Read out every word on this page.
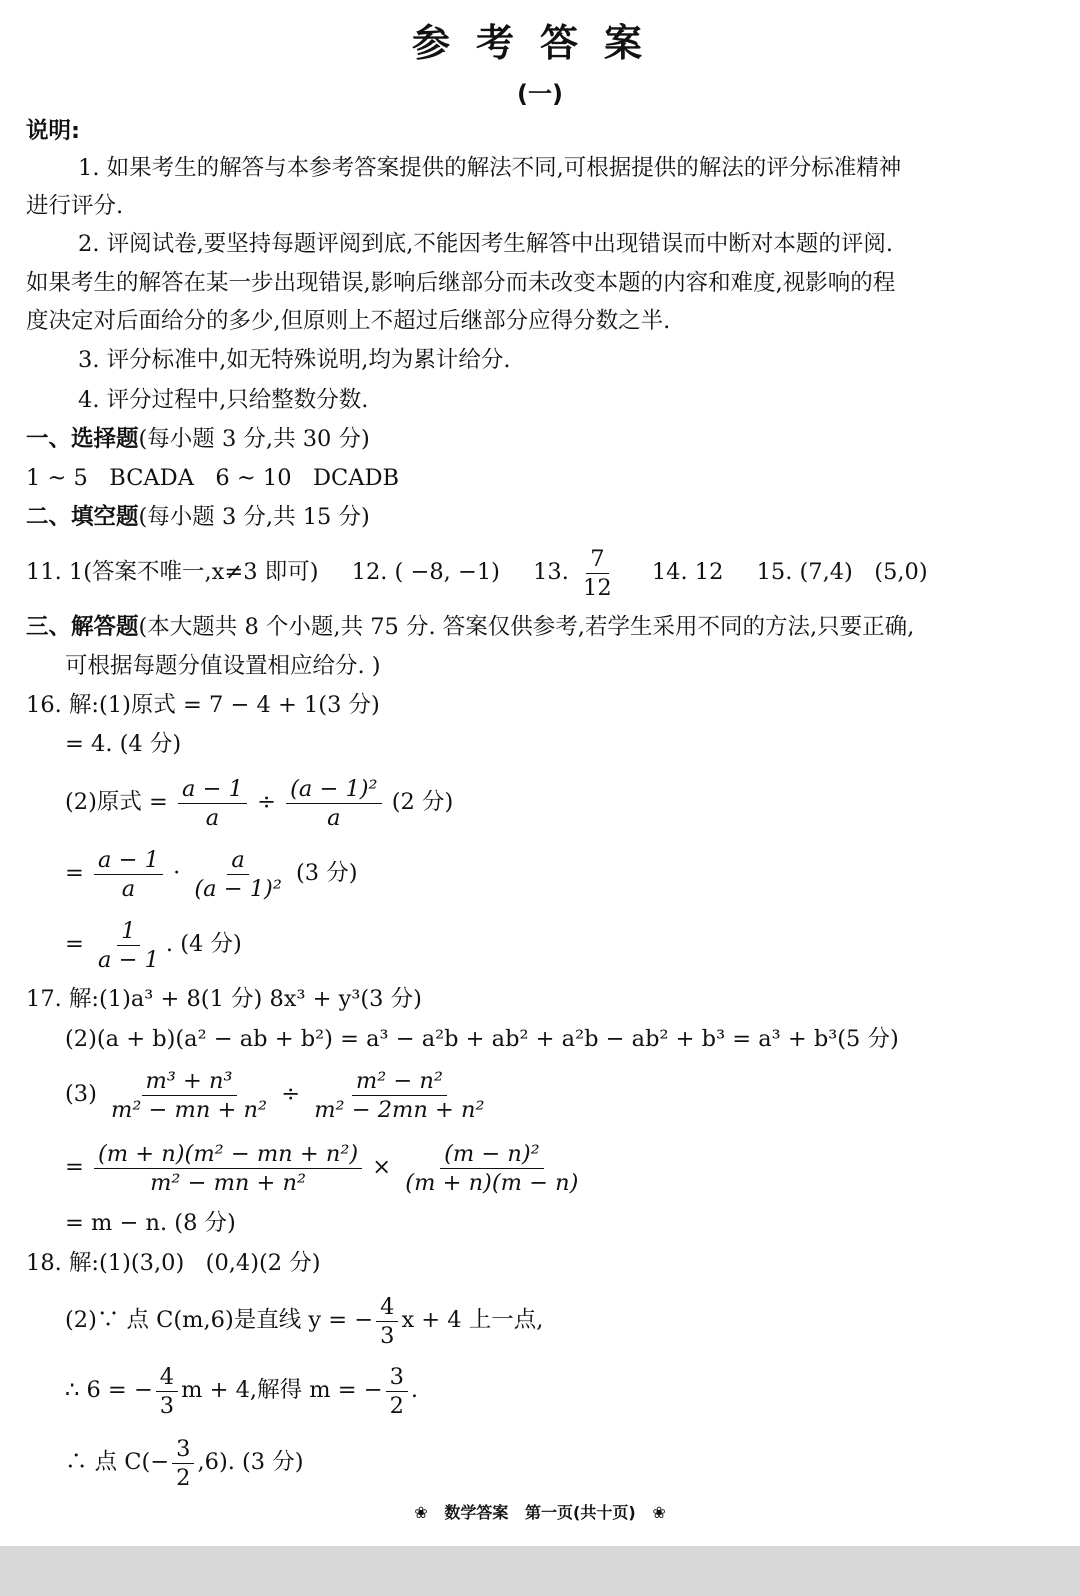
参考答案
(一)
说明:
1. 如果考生的解答与本参考答案提供的解法不同,可根据提供的解法的评分标准精神
进行评分.
2. 评阅试卷,要坚持每题评阅到底,不能因考生解答中出现错误而中断对本题的评阅.
如果考生的解答在某一步出现错误,影响后继部分而未改变本题的内容和难度,视影响的程
度决定对后面给分的多少,但原则上不超过后继部分应得分数之半.
3. 评分标准中,如无特殊说明,均为累计给分.
4. 评分过程中,只给整数分数.
一、选择题(每小题 3 分,共 30 分)
1 ~ 5   BCADA   6 ~ 10   DCADB
二、填空题(每小题 3 分,共 15 分)
11. 1(答案不唯一,x≠3 即可) 12. ( −8, −1) 13. $\frac{7}{12} 14$. 12 15. (7,4)   (5,0)
三、解答题(本大题共 8 个小题,共 75 分. 答案仅供参考,若学生采用不同的方法,只要正确,
可根据每题分值设置相应给分. )
16. 解:(1)原式 = 7 − 4 + 1(3 分)
= 4. (4 分)
(2)原式 = $\frac{a - 1}{a} \div \frac{\text{(a − 1)²}}{a} (2$ 分)
= $\frac{a - 1}{a} \cdot \frac{a}{\text{(a − 1)²}} (3$ 分)
= $\frac{1}{a - 1}$ . (4 分)
17. 解:(1)a³ + 8(1 分) 8x³ + y³(3 分)
(2)(a + b)(a² − ab + b²) = a³ − a²b + ab² + a²b − ab² + b³ = a³ + b³(5 分)
$(3) \frac{\text{m³ + n³}}{\text{m² − mn + n²}} \div \frac{\text{m² − n²}}{\text{m² − 2mn + n²}}$
= $\frac{\text{(m + n)(m² − mn + n²)}}{\text{m² − mn + n²}} \times \frac{\text{(m − n)²}}{(m + n)(m - n)}$
= m − n. (8 分)
18. 解:(1)(3,0)   (0,4)(2 分)
(2)∵ 点 C(m,6)是直线 y = − $\frac{4}{3}$ x + 4 上一点,
∴ 6 = − $\frac{4}{3}$ m + 4,解得 m = − $\frac{3}{2}$ .
∴ 点 $C(- \frac{3}{2} ,6)$. (3 分)
❀   数学答案   第一页(共十页)   ❀
